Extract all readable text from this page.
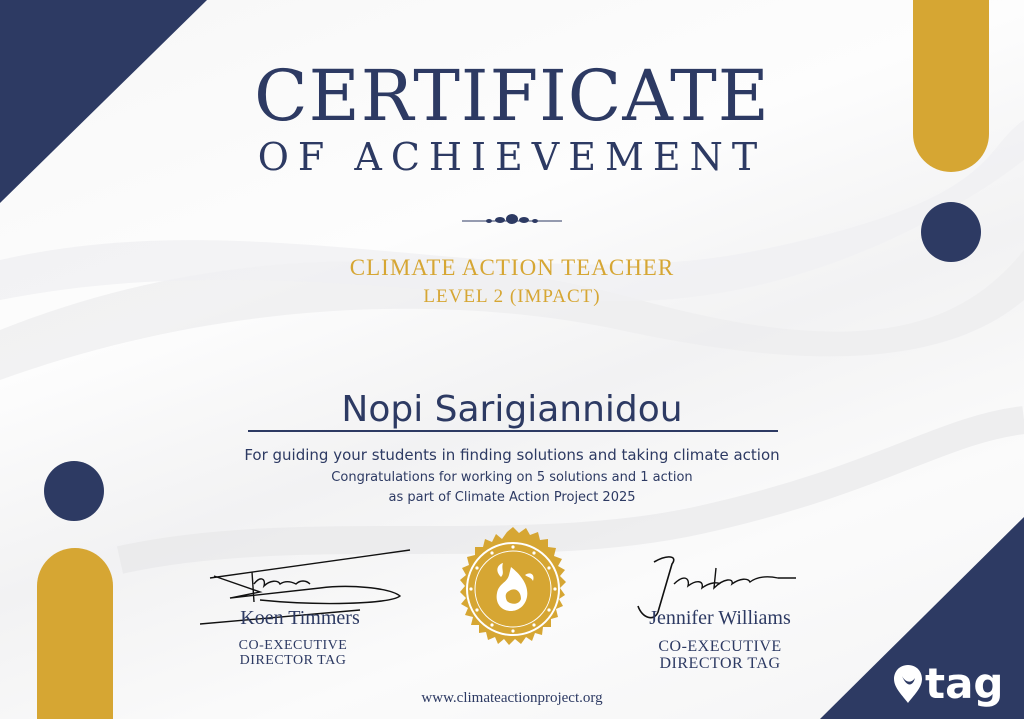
CERTIFICATE
OF ACHIEVEMENT
CLIMATE ACTION TEACHER
LEVEL 2 (IMPACT)
Nopi Sarigiannidou
For guiding your students in finding solutions and taking climate action
Congratulations for working on 5 solutions and 1 action
as part of Climate Action Project 2025
Koen Timmers
CO-EXECUTIVE
DIRECTOR TAG
Jennifer Williams
CO-EXECUTIVE
DIRECTOR TAG
www.climateactionproject.org	tag
